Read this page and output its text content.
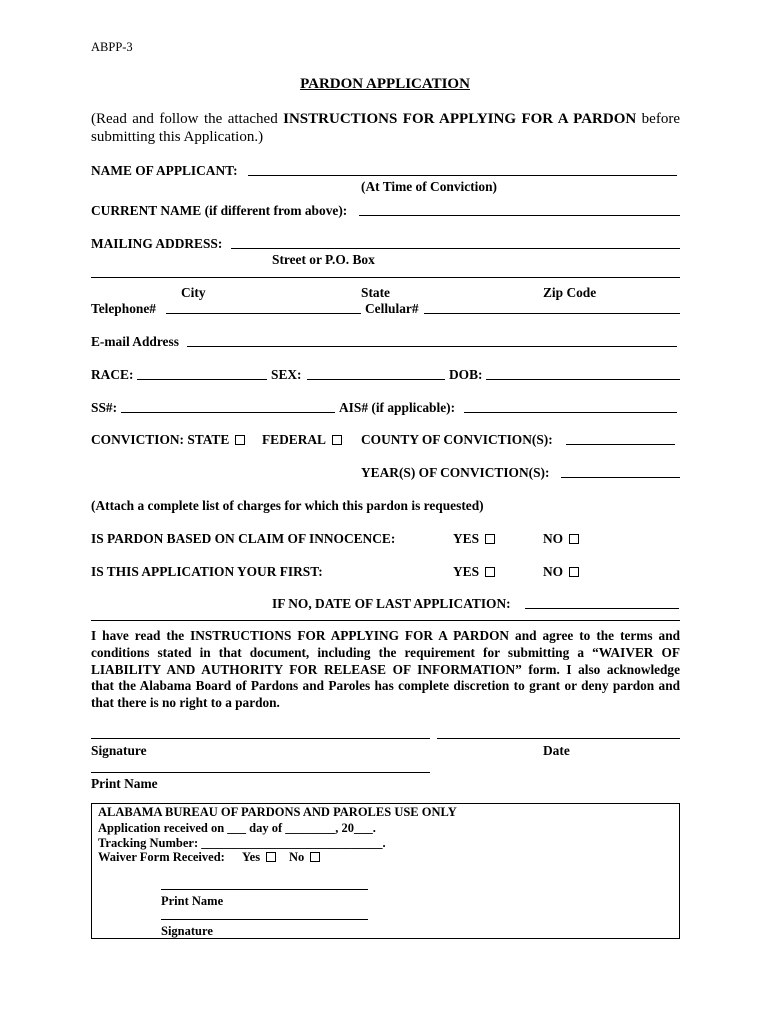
ABPP-3
PARDON APPLICATION
(Read and follow the attached INSTRUCTIONS FOR APPLYING FOR A PARDON before
submitting this Application.)
NAME OF APPLICANT:
(At Time of Conviction)
CURRENT NAME (if different from above):
MAILING ADDRESS:
Street or P.O. Box
City	State	Zip Code
Telephone#	Cellular#
E-mail Address
RACE:	SEX:	DOB:
SS#:	AIS# (if applicable):
CONVICTION: STATE	FEDERAL	COUNTY OF CONVICTION(S):
YEAR(S) OF CONVICTION(S):
(Attach a complete list of charges for which this pardon is requested)
IS PARDON BASED ON CLAIM OF INNOCENCE:	YES	NO
IS THIS APPLICATION YOUR FIRST:	YES	NO
IF NO, DATE OF LAST APPLICATION:
I have read the INSTRUCTIONS FOR APPLYING FOR A PARDON and agree to the terms and
conditions stated in that document, including the requirement for submitting a “WAIVER OF
LIABILITY AND AUTHORITY FOR RELEASE OF INFORMATION” form. I also acknowledge
that the Alabama Board of Pardons and Paroles has complete discretion to grant or deny pardon and
that there is no right to a pardon.
Signature	Date
Print Name
ALABAMA BUREAU OF PARDONS AND PAROLES USE ONLY
Application received on ___ day of ________, 20___.
Tracking Number: _____________________________.
Waiver Form Received: Yes	No
Print Name
Signature
